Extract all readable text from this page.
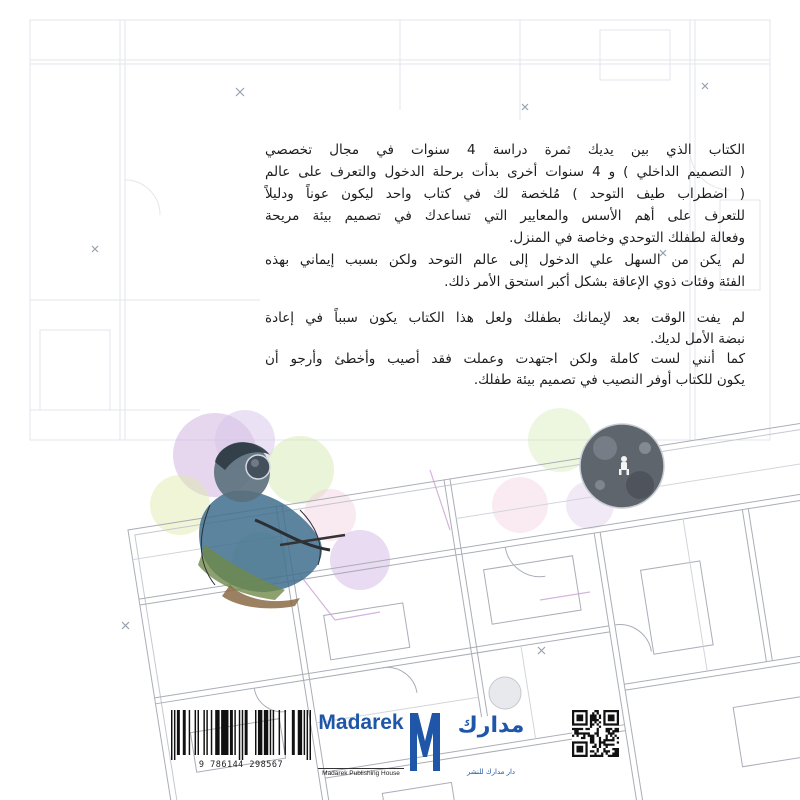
الكتاب الذي بين يديك ثمرة دراسة 4 سنوات في مجال تخصصي
( التصميم الداخلي ) و 4 سنوات أخرى بدأت برحلة الدخول والتعرف على عالم
( اضطراب طيف التوحد ) مُلخصة لك في كتاب واحد ليكون عوناً ودليلاً
للتعرف على أهم الأسس والمعايير التي تساعدك في تصميم بيئة مريحة
وفعالة لطفلك التوحدي وخاصة في المنزل.
لم يكن من السهل علي الدخول إلى عالم التوحد ولكن بسبب إيماني بهذه
الفئة وفئات ذوي الإعاقة بشكل أكبر استحق الأمر ذلك.
لم يفت الوقت بعد لإيمانك بطفلك ولعل هذا الكتاب يكون سبباً في إعادة
نبضة الأمل لديك.
كما أنني لست كاملة ولكن اجتهدت وعملت فقد أصيب وأخطئ وأرجو أن
يكون للكتاب أوفر النصيب في تصميم بيئة طفلك.
9 786144 298567
Madarek
Madarek Publishing House
مدارك
دار مدارك للنشر
